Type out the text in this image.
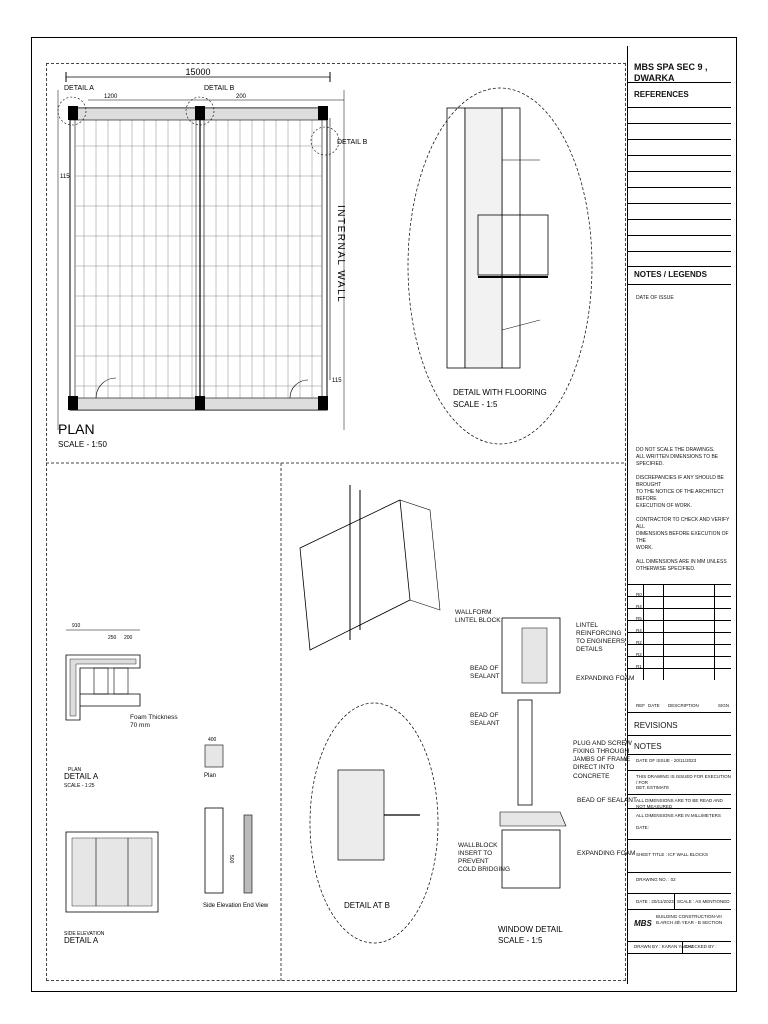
15000
DETAIL A	DETAIL B
DETAIL B
1200	200
115
115
INTERNAL WALL
PLAN
SCALE - 1:50
DETAIL WITH FLOORING
SCALE - 1:5
910
250 200
PLAN
DETAIL A
SCALE - 1:25
SIDE ELEVATION
DETAIL A
400
500
Plan
Side Elevation End View	DETAIL AT B
WINDOW DETAIL
SCALE - 1:5
Foam Thickness
70 mm
WALLFORM
LINTEL BLOCK
LINTEL
REINFORCING
TO ENGINEERS
DETAILS
EXPANDING FOAM
BEAD OF
SEALANT
BEAD OF
SEALANT
PLUG AND SCREW
FIXING THROUGH
JAMBS OF FRAME
DIRECT INTO
CONCRETE
BEAD OF SEALANT
WALLBLOCK
INSERT TO
PREVENT
COLD BRIDGING
EXPANDING FOAM
MBS SPA SEC 9 , DWARKA
REFERENCES
NOTES / LEGENDS
DATE OF ISSUE
DO NOT SCALE THE DRAWINGS.
ALL WRITTEN DIMENSIONS TO BE SPECIFIED.

DISCREPANCIES IF ANY SHOULD BE BROUGHT
TO THE NOTICE OF THE ARCHITECT BEFORE
EXECUTION OF WORK.

CONTRACTOR TO CHECK AND VERIFY ALL
DIMENSIONS BEFORE EXECUTION OF THE
WORK.

ALL DIMENSIONS ARE IN MM UNLESS
OTHERWISE SPECIFIED.
R0
R4
R5
R4
R2
R2
R1
REF DATE DESCRIPTION	SIGN
REVISIONS
NOTES
DATE OF ISSUE - 20/11/2023
THIS DRAWING IS ISSUED FOR EXECUTION / FOR
DET. ESTIMATE
ALL DIMENSIONS ARE TO BE READ AND NOT MEASURED
ALL DIMENSIONS ARE IN MILLIMETERS
DATE:
SHEET TITLE : ICF WALL BLOCKS
DRAWING NO. : 02
DATE : 20/11/2023 SCALE : AS MENTIONED
MBS
BUILDING CONSTRUCTION-VII
B.ARCH 4th YEAR - B SECTION
DRAWN BY : KARAN YADAV
CHECKED BY :
